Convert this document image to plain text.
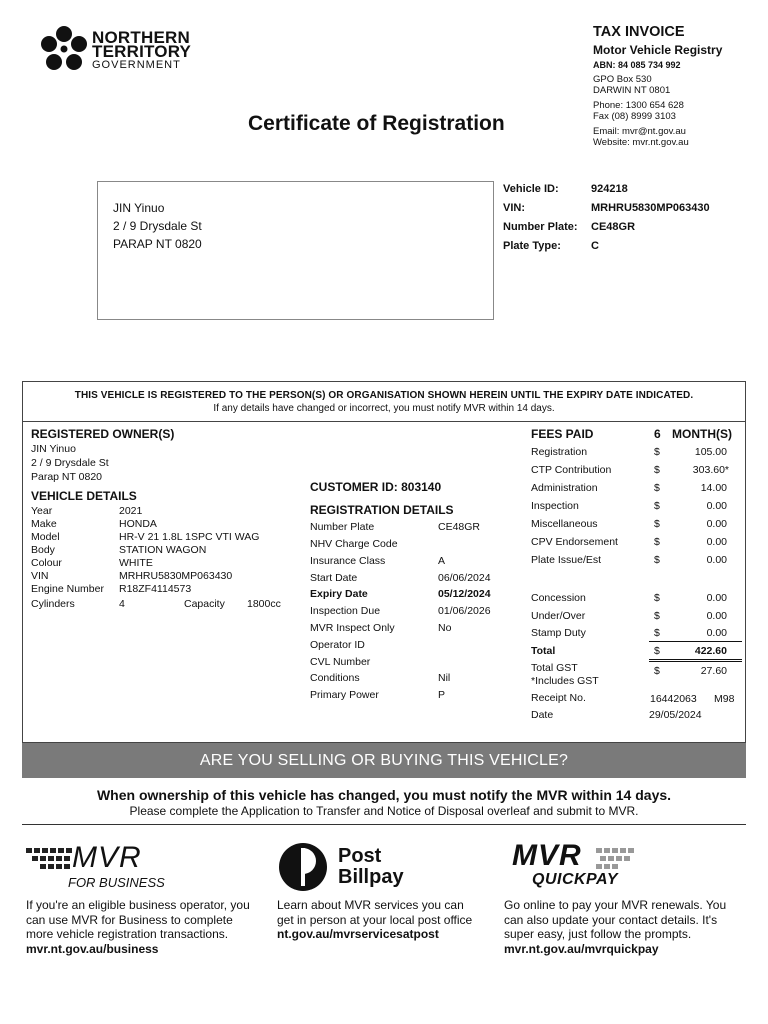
NORTHERN
TERRITORY
GOVERNMENT
Certificate of Registration
TAX INVOICE
Motor Vehicle Registry
ABN: 84 085 734 992
GPO Box 530
DARWIN NT 0801
Phone: 1300 654 628
Fax (08) 8999 3103
Email: mvr@nt.gov.au
Website: mvr.nt.gov.au
JIN Yinuo
2 / 9 Drysdale St
PARAP NT 0820
Vehicle ID:	924218
VIN:	MRHRU5830MP063430
Number Plate: CE48GR
Plate Type:	C
THIS VEHICLE IS REGISTERED TO THE PERSON(S) OR ORGANISATION SHOWN HEREIN UNTIL THE EXPIRY DATE INDICATED.
If any details have changed or incorrect, you must notify MVR within 14 days.
REGISTERED OWNER(S)
JIN Yinuo
2 / 9 Drysdale St
Parap NT 0820
VEHICLE DETAILS
Year	2021
Make	HONDA
Model	HR-V 21 1.8L 1SPC VTI WAG
Body	STATION WAGON
Colour	WHITE
VIN	MRHRU5830MP063430
Engine Number R18ZF4114573
Cylinders	4	Capacity 1800cc
CUSTOMER ID: 803140
REGISTRATION DETAILS
Number Plate	CE48GR
NHV Charge Code
Insurance Class	A
Start Date	06/06/2024
Expiry Date	05/12/2024
Inspection Due	01/06/2026
MVR Inspect Only	No
Operator ID
CVL Number
Conditions	Nil
Primary Power	P
FEES PAID	6 MONTH(S)
Registration	$	105.00
CTP Contribution	$	303.60*
Administration	$	14.00
Inspection	$	0.00
Miscellaneous	$	0.00
CPV Endorsement	$	0.00
Plate Issue/Est	$	0.00
Concession	$	0.00
Under/Over	$	0.00
Stamp Duty	$	0.00
Total	$	422.60
Total GST	$	27.60
*Includes GST
Receipt No.	16442063 M98
Date	29/05/2024
ARE YOU SELLING OR BUYING THIS VEHICLE?
When ownership of this vehicle has changed, you must notify the MVR within 14 days.
Please complete the Application to Transfer and Notice of Disposal overleaf and submit to MVR.
MVR
FOR BUSINESS
If you're an eligible business operator, you can use MVR for Business to complete more vehicle registration transactions. mvr.nt.gov.au/business
Post
Billpay
Learn about MVR services you can get in person at your local post office nt.gov.au/mvrservicesatpost
MVR
QUICKPAY
Go online to pay your MVR renewals. You can also update your contact details. It's super easy, just follow the prompts. mvr.nt.gov.au/mvrquickpay
